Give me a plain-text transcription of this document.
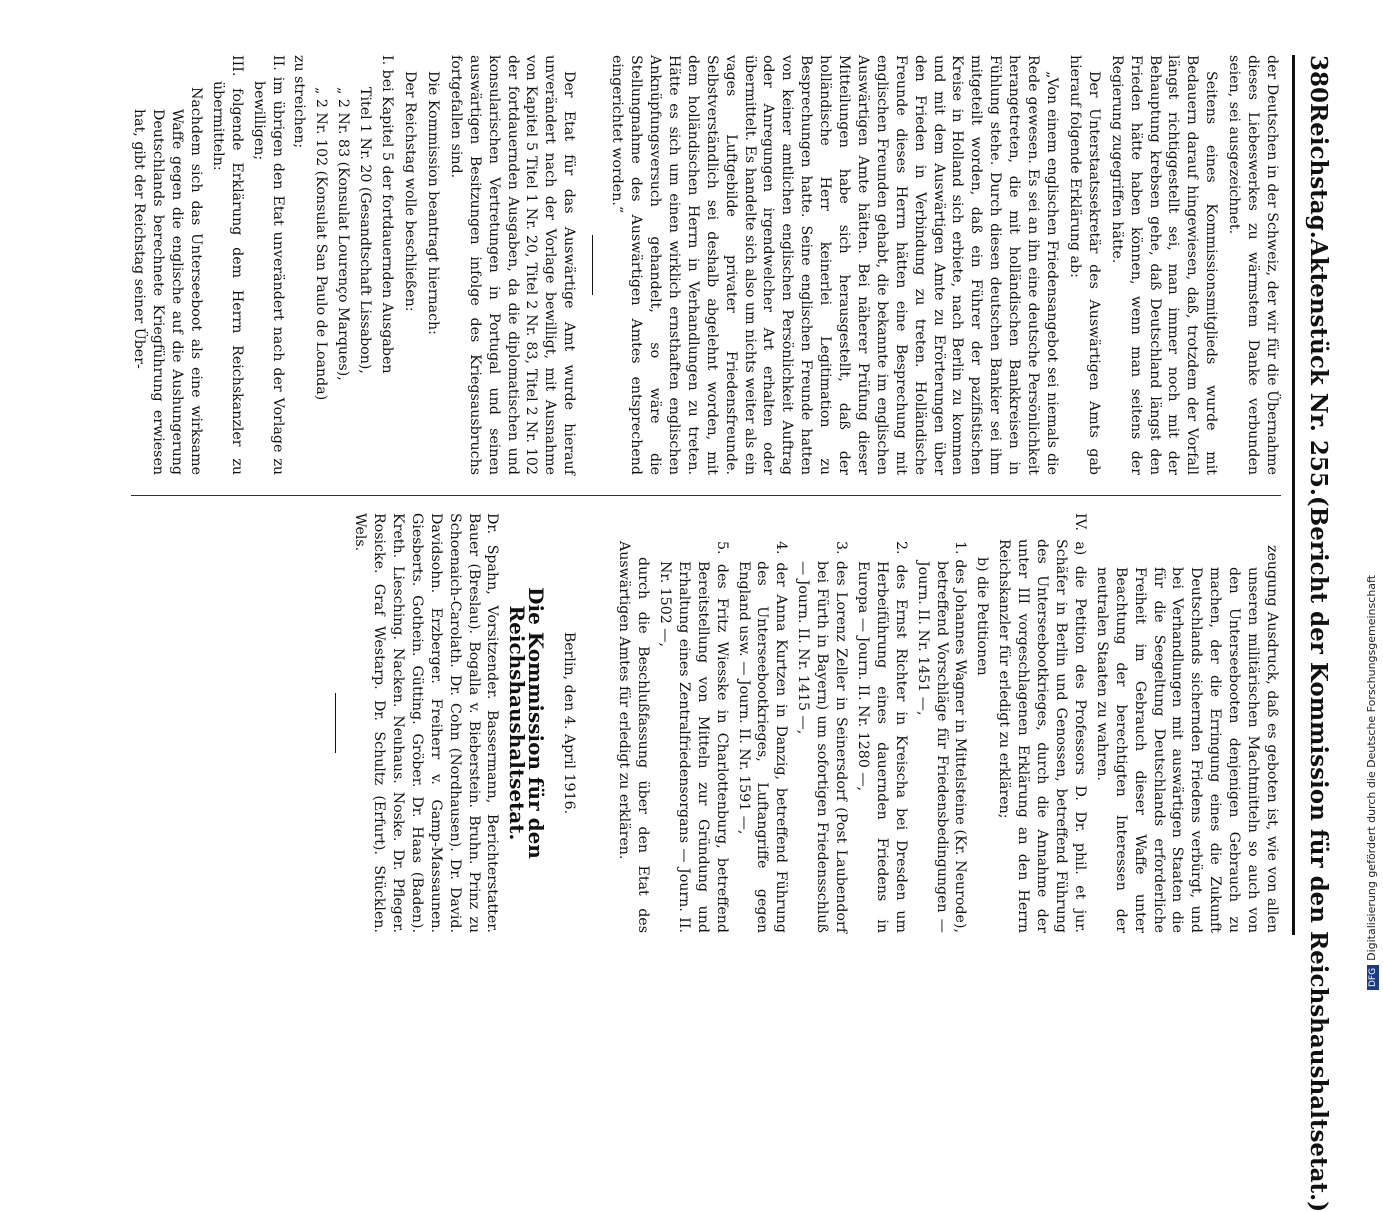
DFGDigitalisierung gefördert durch die Deutsche Forschungsgemeinschaft
380
Reichstag.
Aktenstück Nr. 255.
(Bericht der Kommission für den Reichshaushaltsetat.)

der Deutschen in der Schweiz, der wir für die Übernahme dieses Liebeswerkes zu wärmstem Danke verbunden seien, sei ausgezeichnet.

Seitens eines Kommissionsmitglieds wurde mit Bedauern darauf hingewiesen, daß, trotzdem der Vorfall längst richtiggestellt sei, man immer noch mit der Behauptung krebsen gehe, daß Deutschland längst den Frieden hätte haben können, wenn man seitens der Regierung zugegriffen hätte.

Der Unterstaatssekretär des Auswärtigen Amts gab hierauf folgende Erklärung ab:

„Von einem englischen Friedensangebot sei niemals die Rede gewesen. Es sei an ihn eine deutsche Persönlichkeit herangetreten, die mit holländischen Bankkreisen in Fühlung stehe. Durch diesen deutschen Bankier sei ihm mitgeteilt worden, daß ein Führer der pazifistischen Kreise in Holland sich erbiete, nach Berlin zu kommen und mit dem Auswärtigen Amte zu Erörterungen über den Frieden in Verbindung zu treten. Holländische Freunde dieses Herrn hätten eine Besprechung mit englischen Freunden gehabt, die bekannte im englischen Auswärtigen Amte hätten. Bei näherer Prüfung dieser Mitteilungen habe sich herausgestellt, daß der holländische Herr keinerlei Legitimation zu Besprechungen hatte. Seine englischen Freunde hatten von keiner amtlichen englischen Persönlichkeit Auftrag oder Anregungen irgendwelcher Art erhalten oder übermittelt. Es handelte sich also um nichts weiter als ein vages Luftgebilde privater Friedensfreunde. Selbstverständlich sei deshalb abgelehnt worden, mit dem holländischen Herrn in Verhandlungen zu treten. Hätte es sich um einen wirklich ernsthaften englischen Anknüpfungsversuch gehandelt, so wäre die Stellungnahme des Auswärtigen Amtes entsprechend eingerichtet worden.“

Der Etat für das Auswärtige Amt wurde hierauf unverändert nach der Vorlage bewilligt, mit Ausnahme von Kapitel 5 Titel 1 Nr. 20, Titel 2 Nr. 83, Titel 2 Nr. 102 der fortdauernden Ausgaben, da die diplomatischen und konsularischen Vertretungen in Portugal und seinen auswärtigen Besitzungen infolge des Kriegsausbruchs fortgefallen sind.

Die Kommission beantragt hiernach:

Der Reichstag wolle beschließen:

I. bei Kapitel 5 der fortdauernden Ausgaben

Titel 1 Nr. 20 (Gesandtschaft Lissabon),

„ 2 Nr. 83 (Konsulat Lourenço Marques),

„ 2 Nr. 102 (Konsulat San Paulo de Loanda)

zu streichen;

II. im übrigen den Etat unverändert nach der Vorlage zu bewilligen;

III. folgende Erklärung dem Herrn Reichskanzler zu übermitteln:

Nachdem sich das Unterseeboot als eine wirksame Waffe gegen die englische auf die Aushungerung Deutschlands berechnete Kriegführung erwiesen hat, gibt der Reichstag seiner Über-

zeugung Ausdruck, daß es geboten ist, wie von allen unseren militärischen Machtmitteln so auch von den Unterseebooten denjenigen Gebrauch zu machen, der die Erringung eines die Zukunft Deutschlands sichernden Friedens verbürgt, und bei Verhandlungen mit auswärtigen Staaten die für die Seegeltung Deutschlands erforderliche Freiheit im Gebrauch dieser Waffe unter Beachtung der berechtigten Interessen der neutralen Staaten zu wahren.

IV. a) die Petition des Professors D. Dr. phil. et jur. Schäfer in Berlin und Genossen, betreffend Führung des Unterseebootkrieges, durch die Annahme der unter III vorgeschlagenen Erklärung an den Herrn Reichskanzler für erledigt zu erklären;

b) die Petitionen

1. des Johannes Wagner in Mittelsteine (Kr. Neurode), betreffend Vorschläge für Friedensbedingungen — Journ. II. Nr. 1451 —,

2. des Ernst Richter in Kreischa bei Dresden um Herbeiführung eines dauernden Friedens in Europa — Journ. II. Nr. 1280 —,

3. des Lorenz Zeller in Seinersdorf (Post Laubendorf bei Fürth in Bayern) um sofortigen Friedensschluß — Journ. II. Nr. 1415 —,

4. der Anna Kurtzen in Danzig, betreffend Führung des Unterseebootkrieges, Luftangriffe gegen England usw. — Journ. II. Nr. 1591 —,

5. des Fritz Wiesske in Charlottenburg, betreffend Bereitstellung von Mitteln zur Gründung und Erhaltung eines Zentralfriedensorgans — Journ. II. Nr. 1502 —,

durch die Beschlußfassung über den Etat des Auswärtigen Amtes für erledigt zu erklären.

Berlin, den 4. April 1916.

Die Kommission für den Reichshaushaltsetat.

Dr. Spahn, Vorsitzender. Bassermann, Berichterstatter. Bauer (Breslau). Bogalla v. Bieberstein. Bruhn. Prinz zu Schoenaich-Carolath. Dr. Cohn (Nordhausen). Dr. David. Davidsohn. Erzberger. Freiherr v. Gamp-Massaunen. Giesberts. Gothein. Gütting. Gröber. Dr. Haas (Baden). Kreth. Liesching. Nacken. Neuhaus. Noske. Dr. Pfleger. Rosicke. Graf Westarp. Dr. Schultz (Erfurt). Stücklen. Wels.
